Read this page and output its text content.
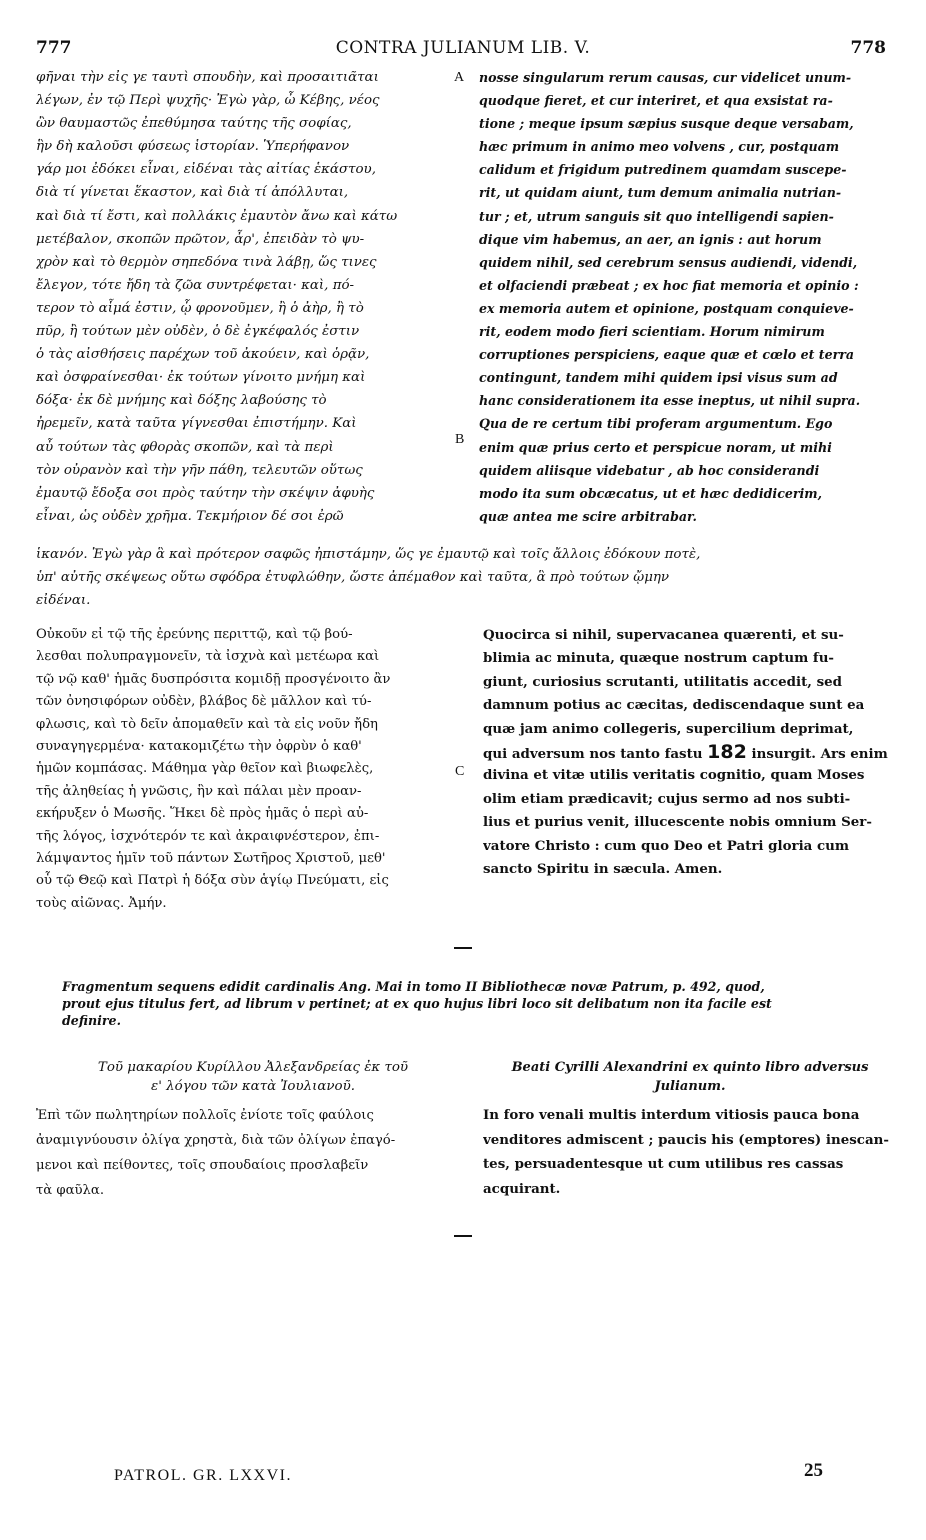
777	CONTRA JULIANUM LIB. V.	778
A
B
C
φῆναι τὴν εἰς γε ταυτὶ σπουδὴν, καὶ προσαιτιᾶται
λέγων, ἐν τῷ Περὶ ψυχῆς· Ἐγὼ γὰρ, ὦ Κέβης, νέος
ὢν θαυμαστῶς ἐπεθύμησα ταύτης τῆς σοφίας,
ἣν δὴ καλοῦσι φύσεως ἱστορίαν. Ὑπερήφανον
γάρ μοι ἐδόκει εἶναι, εἰδέναι τὰς αἰτίας ἑκάστου,
διὰ τί γίνεται ἕκαστον, καὶ διὰ τί ἀπόλλυται,
καὶ διὰ τί ἔστι, καὶ πολλάκις ἐμαυτὸν ἄνω καὶ κάτω
μετέβαλον, σκοπῶν πρῶτον, ἆρ', ἐπειδὰν τὸ ψυ-
χρὸν καὶ τὸ θερμὸν σηπεδόνα τινὰ λάβῃ, ὥς τινες
ἔλεγον, τότε ἤδη τὰ ζῶα συντρέφεται· καὶ, πό-
τερον τὸ αἷμά ἐστιν, ᾧ φρονοῦμεν, ἢ ὁ ἀὴρ, ἢ τὸ
πῦρ, ἢ τούτων μὲν οὐδὲν, ὁ δὲ ἐγκέφαλός ἐστιν
ὁ τὰς αἰσθήσεις παρέχων τοῦ ἀκούειν, καὶ ὁρᾷν,
καὶ ὀσφραίνεσθαι· ἐκ τούτων γίνοιτο μνήμη καὶ
δόξα· ἐκ δὲ μνήμης καὶ δόξης λαβούσης τὸ
ἠρεμεῖν, κατὰ ταῦτα γίγνεσθαι ἐπιστήμην. Καὶ
αὖ τούτων τὰς φθορὰς σκοπῶν, καὶ τὰ περὶ
τὸν οὐρανὸν καὶ τὴν γῆν πάθη, τελευτῶν οὕτως
ἐμαυτῷ ἔδοξα σοι πρὸς ταύτην τὴν σκέψιν ἀφυὴς
εἶναι, ὡς οὐδὲν χρῆμα. Τεκμήριον δέ σοι ἐρῶ
nosse singularum rerum causas, cur videlicet unum-
quodque fieret, et cur interiret, et qua exsistat ra-
tione ; meque ipsum sæpius susque deque versabam,
hæc primum in animo meo volvens , cur, postquam
calidum et frigidum putredinem quamdam suscepe-
rit, ut quidam aiunt, tum demum animalia nutrian-
tur ; et, utrum sanguis sit quo intelligendi sapien-
dique vim habemus, an aer, an ignis : aut horum
quidem nihil, sed cerebrum sensus audiendi, videndi,
et olfaciendi præbeat ; ex hoc fiat memoria et opinio :
ex memoria autem et opinione, postquam conquieve-
rit, eodem modo fieri scientiam. Horum nimirum
corruptiones perspiciens, eaque quæ et cœlo et terra
contingunt, tandem mihi quidem ipsi visus sum ad
hanc considerationem ita esse ineptus, ut nihil supra.
Qua de re certum tibi proferam argumentum. Ego
enim quæ prius certo et perspicue noram, ut mihi
quidem aliisque videbatur , ab hoc considerandi
modo ita sum obcæcatus, ut et hæc dedidicerim,
quæ antea me scire arbitrabar.
ἱκανόν. Ἐγὼ γὰρ ἃ καὶ πρότερον σαφῶς ἠπιστάμην, ὥς γε ἐμαυτῷ καὶ τοῖς ἄλλοις ἐδόκουν ποτὲ,
ὑπ' αὐτῆς σκέψεως οὕτω σφόδρα ἐτυφλώθην, ὥστε ἀπέμαθον καὶ ταῦτα, ἃ πρὸ τούτων ᾤμην
εἰδέναι.
Οὐκοῦν εἰ τῷ τῆς ἐρεύνης περιττῷ, καὶ τῷ βού-
λεσθαι πολυπραγμονεῖν, τὰ ἰσχνὰ καὶ μετέωρα καὶ
τῷ νῷ καθ' ἡμᾶς δυσπρόσιτα κομιδῇ προσγένοιτο ἂν
τῶν ὀνησιφόρων οὐδὲν, βλάβος δὲ μᾶλλον καὶ τύ-
φλωσις, καὶ τὸ δεῖν ἀπομαθεῖν καὶ τὰ εἰς νοῦν ἤδη
συναγηγερμένα· κατακομιζέτω τὴν ὀφρὺν ὁ καθ'
ἡμῶν κομπάσας. Μάθημα γὰρ θεῖον καὶ βιωφελὲς,
τῆς ἀληθείας ἡ γνῶσις, ἣν καὶ πάλαι μὲν προαν-
εκήρυξεν ὁ Μωσῆς. Ἥκει δὲ πρὸς ἡμᾶς ὁ περὶ αὐ-
τῆς λόγος, ἰσχνότερόν τε καὶ ἀκραιφνέστερον, ἐπι-
λάμψαντος ἡμῖν τοῦ πάντων Σωτῆρος Χριστοῦ, μεθ'
οὗ τῷ Θεῷ καὶ Πατρὶ ἡ δόξα σὺν ἁγίῳ Πνεύματι, εἰς
τοὺς αἰῶνας. Ἀμήν.
Quocirca si nihil, supervacanea quærenti, et su-
blimia ac minuta, quæque nostrum captum fu-
giunt, curiosius scrutanti, utilitatis accedit, sed
damnum potius ac cæcitas, dediscendaque sunt ea
quæ jam animo collegeris, supercilium deprimat,
qui adversum nos tanto fastu 182 insurgit. Ars enim
divina et vitæ utilis veritatis cognitio, quam Moses
olim etiam prædicavit; cujus sermo ad nos subti-
lius et purius venit, illucescente nobis omnium Ser-
vatore Christo : cum quo Deo et Patri gloria cum
sancto Spiritu in sæcula. Amen.
Fragmentum sequens edidit cardinalis Ang. Mai in tomo II Bibliothecæ novæ Patrum, p. 492, quod,
prout ejus titulus fert, ad librum v pertinet; at ex quo hujus libri loco sit delibatum non ita facile est
definire.
Τοῦ μακαρίου Κυρίλλου Ἀλεξανδρείας ἐκ τοῦ
ε' λόγου τῶν κατὰ Ἰουλιανοῦ.
Beati Cyrilli Alexandrini ex quinto libro adversus
Julianum.
Ἐπὶ τῶν πωλητηρίων πολλοῖς ἐνίοτε τοῖς φαύλοις
ἀναμιγνύουσιν ὀλίγα χρηστὰ, διὰ τῶν ὀλίγων ἐπαγό-
μενοι καὶ πείθοντες, τοῖς σπουδαίοις προσλαβεῖν
τὰ φαῦλα.
In foro venali multis interdum vitiosis pauca bona
venditores admiscent ; paucis his (emptores) inescan-
tes, persuadentesque ut cum utilibus res cassas
acquirant.
PATROL. GR. LXXVI.	25
